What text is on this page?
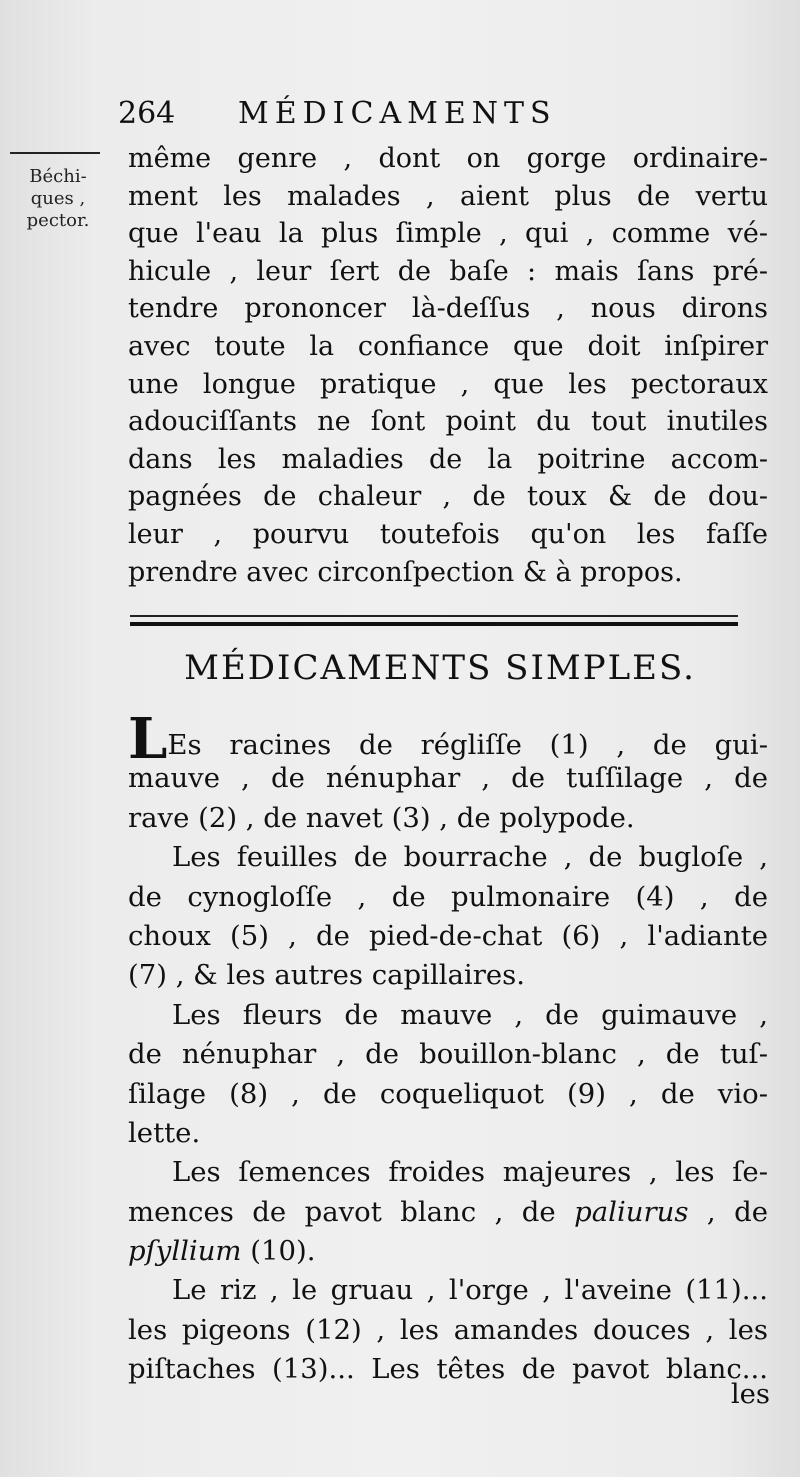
264 MÉDICAMENTS
Béchi-
ques ,
pector.
même genre , dont on gorge ordinaire-
ment les malades , aient plus de vertu
que l'eau la plus ſimple , qui , comme vé-
hicule , leur ſert de baſe : mais ſans pré-
tendre prononcer là-deſſus , nous dirons
avec toute la confiance que doit inſpirer
une longue pratique , que les pectoraux
adouciſſants ne ſont point du tout inutiles
dans les maladies de la poitrine accom-
pagnées de chaleur , de toux & de dou-
leur , pourvu toutefois qu'on les faſſe
prendre avec circonſpection & à propos.
MÉDICAMENTS SIMPLES.
LEs racines de régliſſe (1) , de gui-
mauve , de nénuphar , de tuſſilage , de
rave (2) , de navet (3) , de polypode.
Les feuilles de bourrache , de bugloſe ,
de cynogloſſe , de pulmonaire (4) , de
choux (5) , de pied-de-chat (6) , l'adiante
(7) , & les autres capillaires.
Les fleurs de mauve , de guimauve ,
de nénuphar , de bouillon-blanc , de tuſ-
ſilage (8) , de coqueliquot (9) , de vio-
lette.
Les ſemences froides majeures , les ſe-
mences de pavot blanc , de paliurus , de
pſyllium (10).
Le riz , le gruau , l'orge , l'aveine (11)...
les pigeons (12) , les amandes douces , les
piſtaches (13)... Les têtes de pavot blanc...
les
